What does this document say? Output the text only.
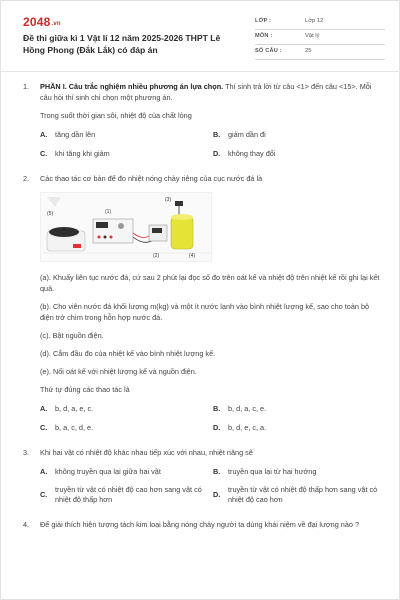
2048.vn
Đề thi giữa kì 1 Vật lí 12 năm 2025-2026 THPT Lê Hồng Phong (Đắk Lắk) có đáp án
LỚP :	Lớp 12
MÔN :	Vật lý
SỐ CÂU :	25
1. PHẦN I. Câu trắc nghiệm nhiều phương án lựa chọn. Thí sinh trả lời từ câu <1> đến câu <15>. Mỗi câu hỏi thí sinh chỉ chọn một phương án.
Trong suốt thời gian sôi, nhiệt độ của chất lỏng
A. tăng dần lên	B. giảm dần đi
C. khi tăng khi giảm	D. không thay đổi
2. Các thao tác cơ bản để đo nhiệt nóng chảy riêng của cục nước đá là
(5)	(1)
(3)
(2)	(4)
(a). Khuấy liên tục nước đá, cứ sau 2 phút lại đọc số đo trên oát kế và nhiệt độ trên nhiệt kế rồi ghi lại kết quả.
(b). Cho viên nước đá khối lượng m(kg) và một ít nước lạnh vào bình nhiệt lượng kế, sao cho toàn bộ điện trở chìm trong hỗn hợp nước đá.
(c). Bật nguồn điện.
(d). Cắm đầu đo của nhiệt kế vào bình nhiệt lượng kế.
(e). Nối oát kế với nhiệt lượng kế và nguồn điện.
Thứ tự đúng các thao tác là
A. b, d, a, e, c.	B. b, d, a, c, e.
C. b, a, c, d, e.	D. b, d, e, c, a.
3. Khi hai vật có nhiệt độ khác nhau tiếp xúc với nhau, nhiệt năng sẽ
A. không truyền qua lại giữa hai vật	B. truyền qua lại từ hai hướng
C.
truyền từ vật có nhiệt độ cao hơn sang vật có nhiệt độ thấp hơn
D.
truyền từ vật có nhiệt độ thấp hơn sang vật có nhiệt độ cao hơn
4. Để giải thích hiện tượng tách kim loại bằng nóng chảy người ta dùng khái niệm về đại lượng nào ?
